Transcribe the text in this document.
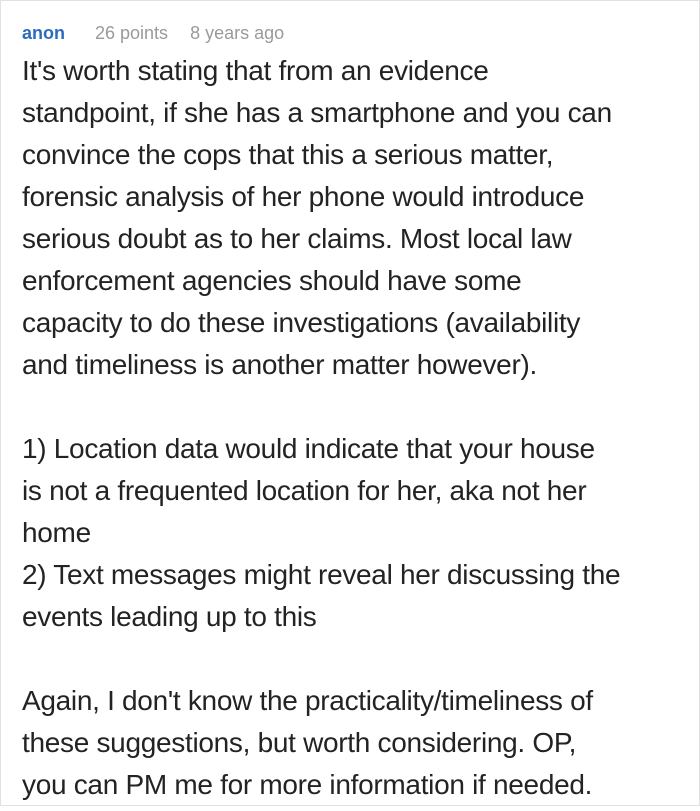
anon 26 points 8 years ago
It's worth stating that from an evidence
standpoint, if she has a smartphone and you can
convince the cops that this a serious matter,
forensic analysis of her phone would introduce
serious doubt as to her claims. Most local law
enforcement agencies should have some
capacity to do these investigations (availability
and timeliness is another matter however).
1) Location data would indicate that your house
is not a frequented location for her, aka not her
home
2) Text messages might reveal her discussing the
events leading up to this
Again, I don't know the practicality/timeliness of
these suggestions, but worth considering. OP,
you can PM me for more information if needed.
